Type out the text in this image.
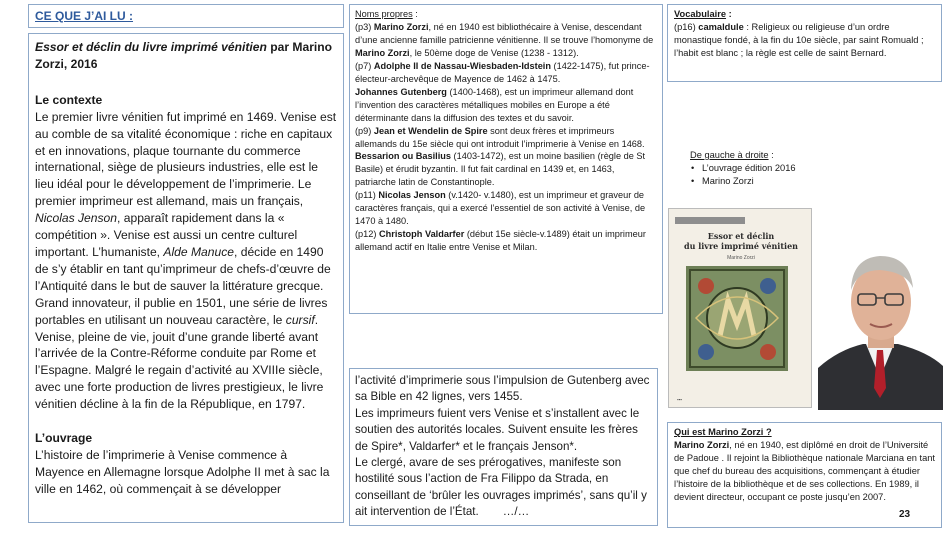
CE QUE J’AI LU :

Essor et déclin du livre imprimé vénitien par Marino Zorzi, 2016

Le contexte

Le premier livre vénitien fut imprimé en 1469. Venise est au comble de sa vitalité économique : riche en capitaux et en innovations, plaque tournante du commerce international, siège de plusieurs industries, elle est le lieu idéal pour le développement de l’imprimerie. Le premier imprimeur est allemand, mais un français, Nicolas Jenson, apparaît rapidement dans la « compétition ». Venise est aussi un centre culturel important. L’humaniste, Alde Manuce, décide en 1490 de s’y établir en tant qu’imprimeur de chefs-d’œuvre de l’Antiquité dans le but de sauver la littérature grecque. Grand innovateur, il publie en 1501, une série de livres portables en utilisant un nouveau caractère, le cursif. Venise, pleine de vie, jouit d’une grande liberté avant l’arrivée de la Contre-Réforme conduite par Rome et l’Espagne. Malgré le regain d’activité au XVIIIe siècle, avec une forte production de livres prestigieux, le livre vénitien décline à la fin de la République, en 1797.

L’ouvrage

L’histoire de l’imprimerie à Venise commence à Mayence en Allemagne lorsque Adolphe II met à sac la ville en 1462, où commençait à se développer

Noms propres :

(p3) Marino Zorzi, né en 1940 est bibliothécaire à Venise, descendant d’une ancienne famille patricienne vénitienne. Il se trouve l’homonyme de Marino Zorzi, le 50ème doge de Venise (1238 - 1312).

(p7) Adolphe II de Nassau-Wiesbaden-Idstein (1422-1475), fut prince-électeur-archevêque de Mayence de 1462 à 1475.

Johannes Gutenberg (1400-1468), est un imprimeur allemand dont l’invention des caractères métalliques mobiles en Europe a été déterminante dans la diffusion des textes et du savoir.

(p9) Jean et Wendelin de Spire sont deux frères et imprimeurs allemands du 15e siècle qui ont introduit l’imprimerie à Venise en 1468.

Bessarion ou Basilius (1403-1472), est un moine basilien (règle de St Basile) et érudit byzantin. Il fut fait cardinal en 1439 et, en 1463, patriarche latin de Constantinople.

(p11) Nicolas Jenson (v.1420- v.1480), est un imprimeur et graveur de caractères français, qui a exercé l’essentiel de son activité à Venise, de 1470 à 1480.

(p12) Christoph Valdarfer (début 15e siècle-v.1489) était un imprimeur allemand actif en Italie entre Venise et Milan.

l’activité d’imprimerie sous l’impulsion de Gutenberg avec sa Bible en 42 lignes, vers 1455.

Les imprimeurs fuient vers Venise et s’installent avec le soutien des autorités locales. Suivent ensuite les frères de Spire*, Valdarfer* et le français Jenson*.

Le clergé, avare de ses prérogatives, manifeste son hostilité sous l’action de Fra Filippo da Strada, en conseillant de ‘brûler les ouvrages imprimés’, sans qu’il y ait intervention de l’État. …/…

Vocabulaire :

(p16) camaldule : Religieux ou religieuse d’un ordre monastique fondé, à la fin du 10e siècle, par saint Romuald ; l’habit est blanc ; la règle est celle de saint Bernard.

De gauche à droite :

• L’ouvrage édition 2016
• Marino Zorzi
Essor et déclin
du livre imprimé vénitien
Marino Zorzi
▪▪▪

Qui est Marino Zorzi ?

Marino Zorzi, né en 1940, est diplômé en droit de l’Université de Padoue . Il rejoint la Bibliothèque nationale Marciana en tant que chef du bureau des acquisitions, commençant à étudier l’histoire de la bibliothèque et de ses collections. En 1989, il devient directeur, occupant ce poste jusqu’en 2007.

23
